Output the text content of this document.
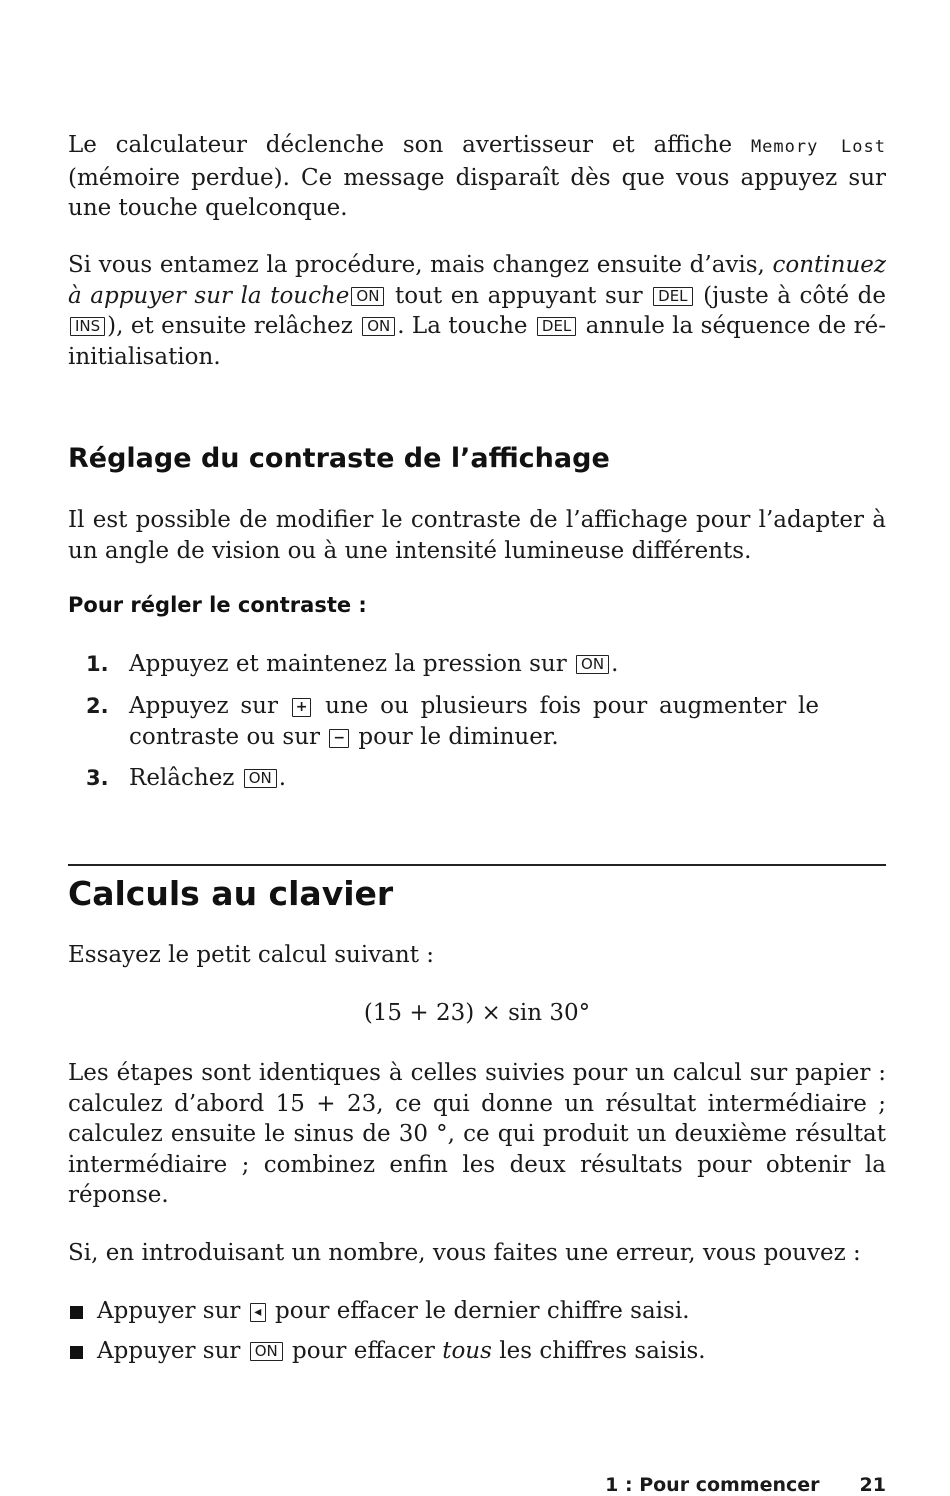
Le calculateur déclenche son avertisseur et affiche Memory Lost (mémoire perdue). Ce message disparaît dès que vous appuyez sur une touche quelconque.

Si vous entamez la procédure, mais changez ensuite d’avis, continuez à appuyer sur la touche ON tout en appuyant sur DEL (juste à côté de INS ), et ensuite relâchez ON . La touche DEL annule la séquence de ré-initialisation.

Réglage du contraste de l’affichage

Il est possible de modifier le contraste de l’affichage pour l’adapter à un angle de vision ou à une intensité lumineuse différents.

Pour régler le contraste :
1. Appuyez et maintenez la pression sur ON .
2. Appuyez sur + une ou plusieurs fois pour augmenter le contraste ou sur − pour le diminuer.
3. Relâchez ON .
Calculs au clavier

Essayez le petit calcul suivant :

(15 + 23) × sin 30°

Les étapes sont identiques à celles suivies pour un calcul sur papier : calculez d’abord 15 + 23, ce qui donne un résultat intermédiaire ; calculez ensuite le sinus de 30 °, ce qui produit un deuxième résultat intermédiaire ; combinez enfin les deux résultats pour obtenir la réponse.

Si, en introduisant un nombre, vous faites une erreur, vous pouvez :

Appuyer sur ◂ pour effacer le dernier chiffre saisi.
Appuyer sur ON pour effacer tous les chiffres saisis.
1 : Pour commencer 21
